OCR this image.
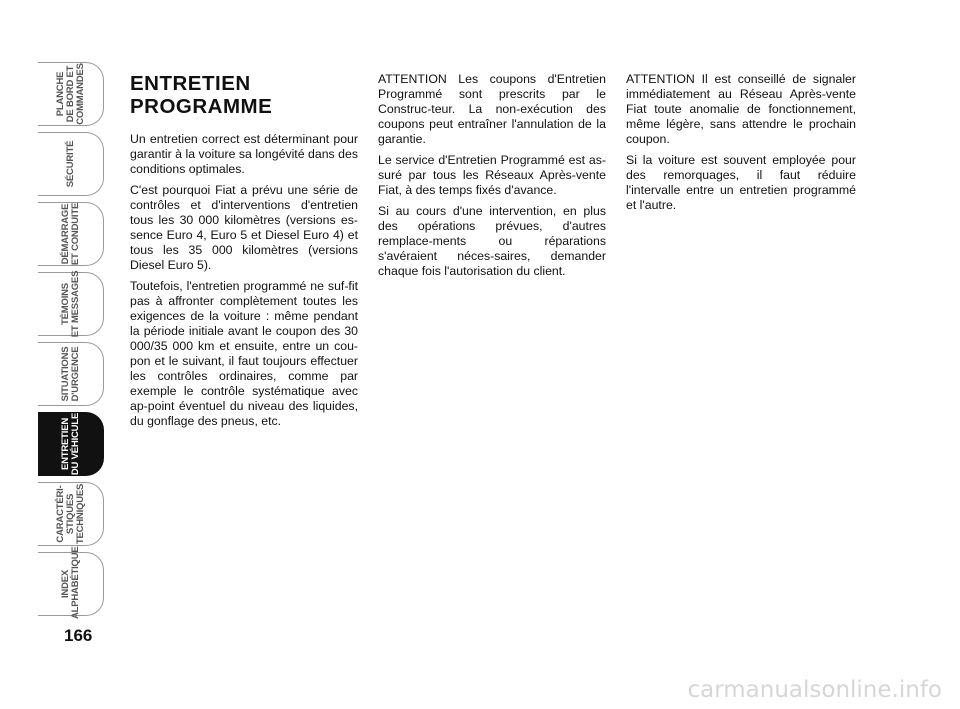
PLANCHE
DE BORD ET
COMMANDES
SÉCURITÉ
DÉMARRAGE
ET CONDUITE
TÉMOINS
ET MESSAGES
SITUATIONS
D'URGENCE
ENTRETIEN
DU VÉHICULE
CARACTÉRI-
STIQUES
TECHNIQUES
INDEX
ALPHABÉTIQUE
166
ENTRETIEN
PROGRAMME

Un entretien correct est déterminant pour garantir à la voiture sa longévité dans des conditions optimales.

C'est pourquoi Fiat a prévu une série de contrôles et d'interventions d'entretien tous les 30 000 kilomètres (versions es-sence Euro 4, Euro 5 et Diesel Euro 4) et tous les 35 000 kilomètres (versions Diesel Euro 5).

Toutefois, l'entretien programmé ne suf-fit pas à affronter complètement toutes les exigences de la voiture : même pendant la période initiale avant le coupon des 30 000/35 000 km et ensuite, entre un cou-pon et le suivant, il faut toujours effectuer les contrôles ordinaires, comme par exemple le contrôle systématique avec ap-point éventuel du niveau des liquides, du gonflage des pneus, etc.

ATTENTION Les coupons d'Entretien Programmé sont prescrits par le Construc-teur. La non-exécution des coupons peut entraîner l'annulation de la garantie.

Le service d'Entretien Programmé est as-suré par tous les Réseaux Après-vente Fiat, à des temps fixés d'avance.

Si au cours d'une intervention, en plus des opérations prévues, d'autres remplace-ments ou réparations s'avéraient néces-saires, demander chaque fois l'autorisation du client.

ATTENTION Il est conseillé de signaler immédiatement au Réseau Après-vente Fiat toute anomalie de fonctionnement, même légère, sans attendre le prochain coupon.

Si la voiture est souvent employée pour des remorquages, il faut réduire l'intervalle entre un entretien programmé et l'autre.

carmanualsonline.info
